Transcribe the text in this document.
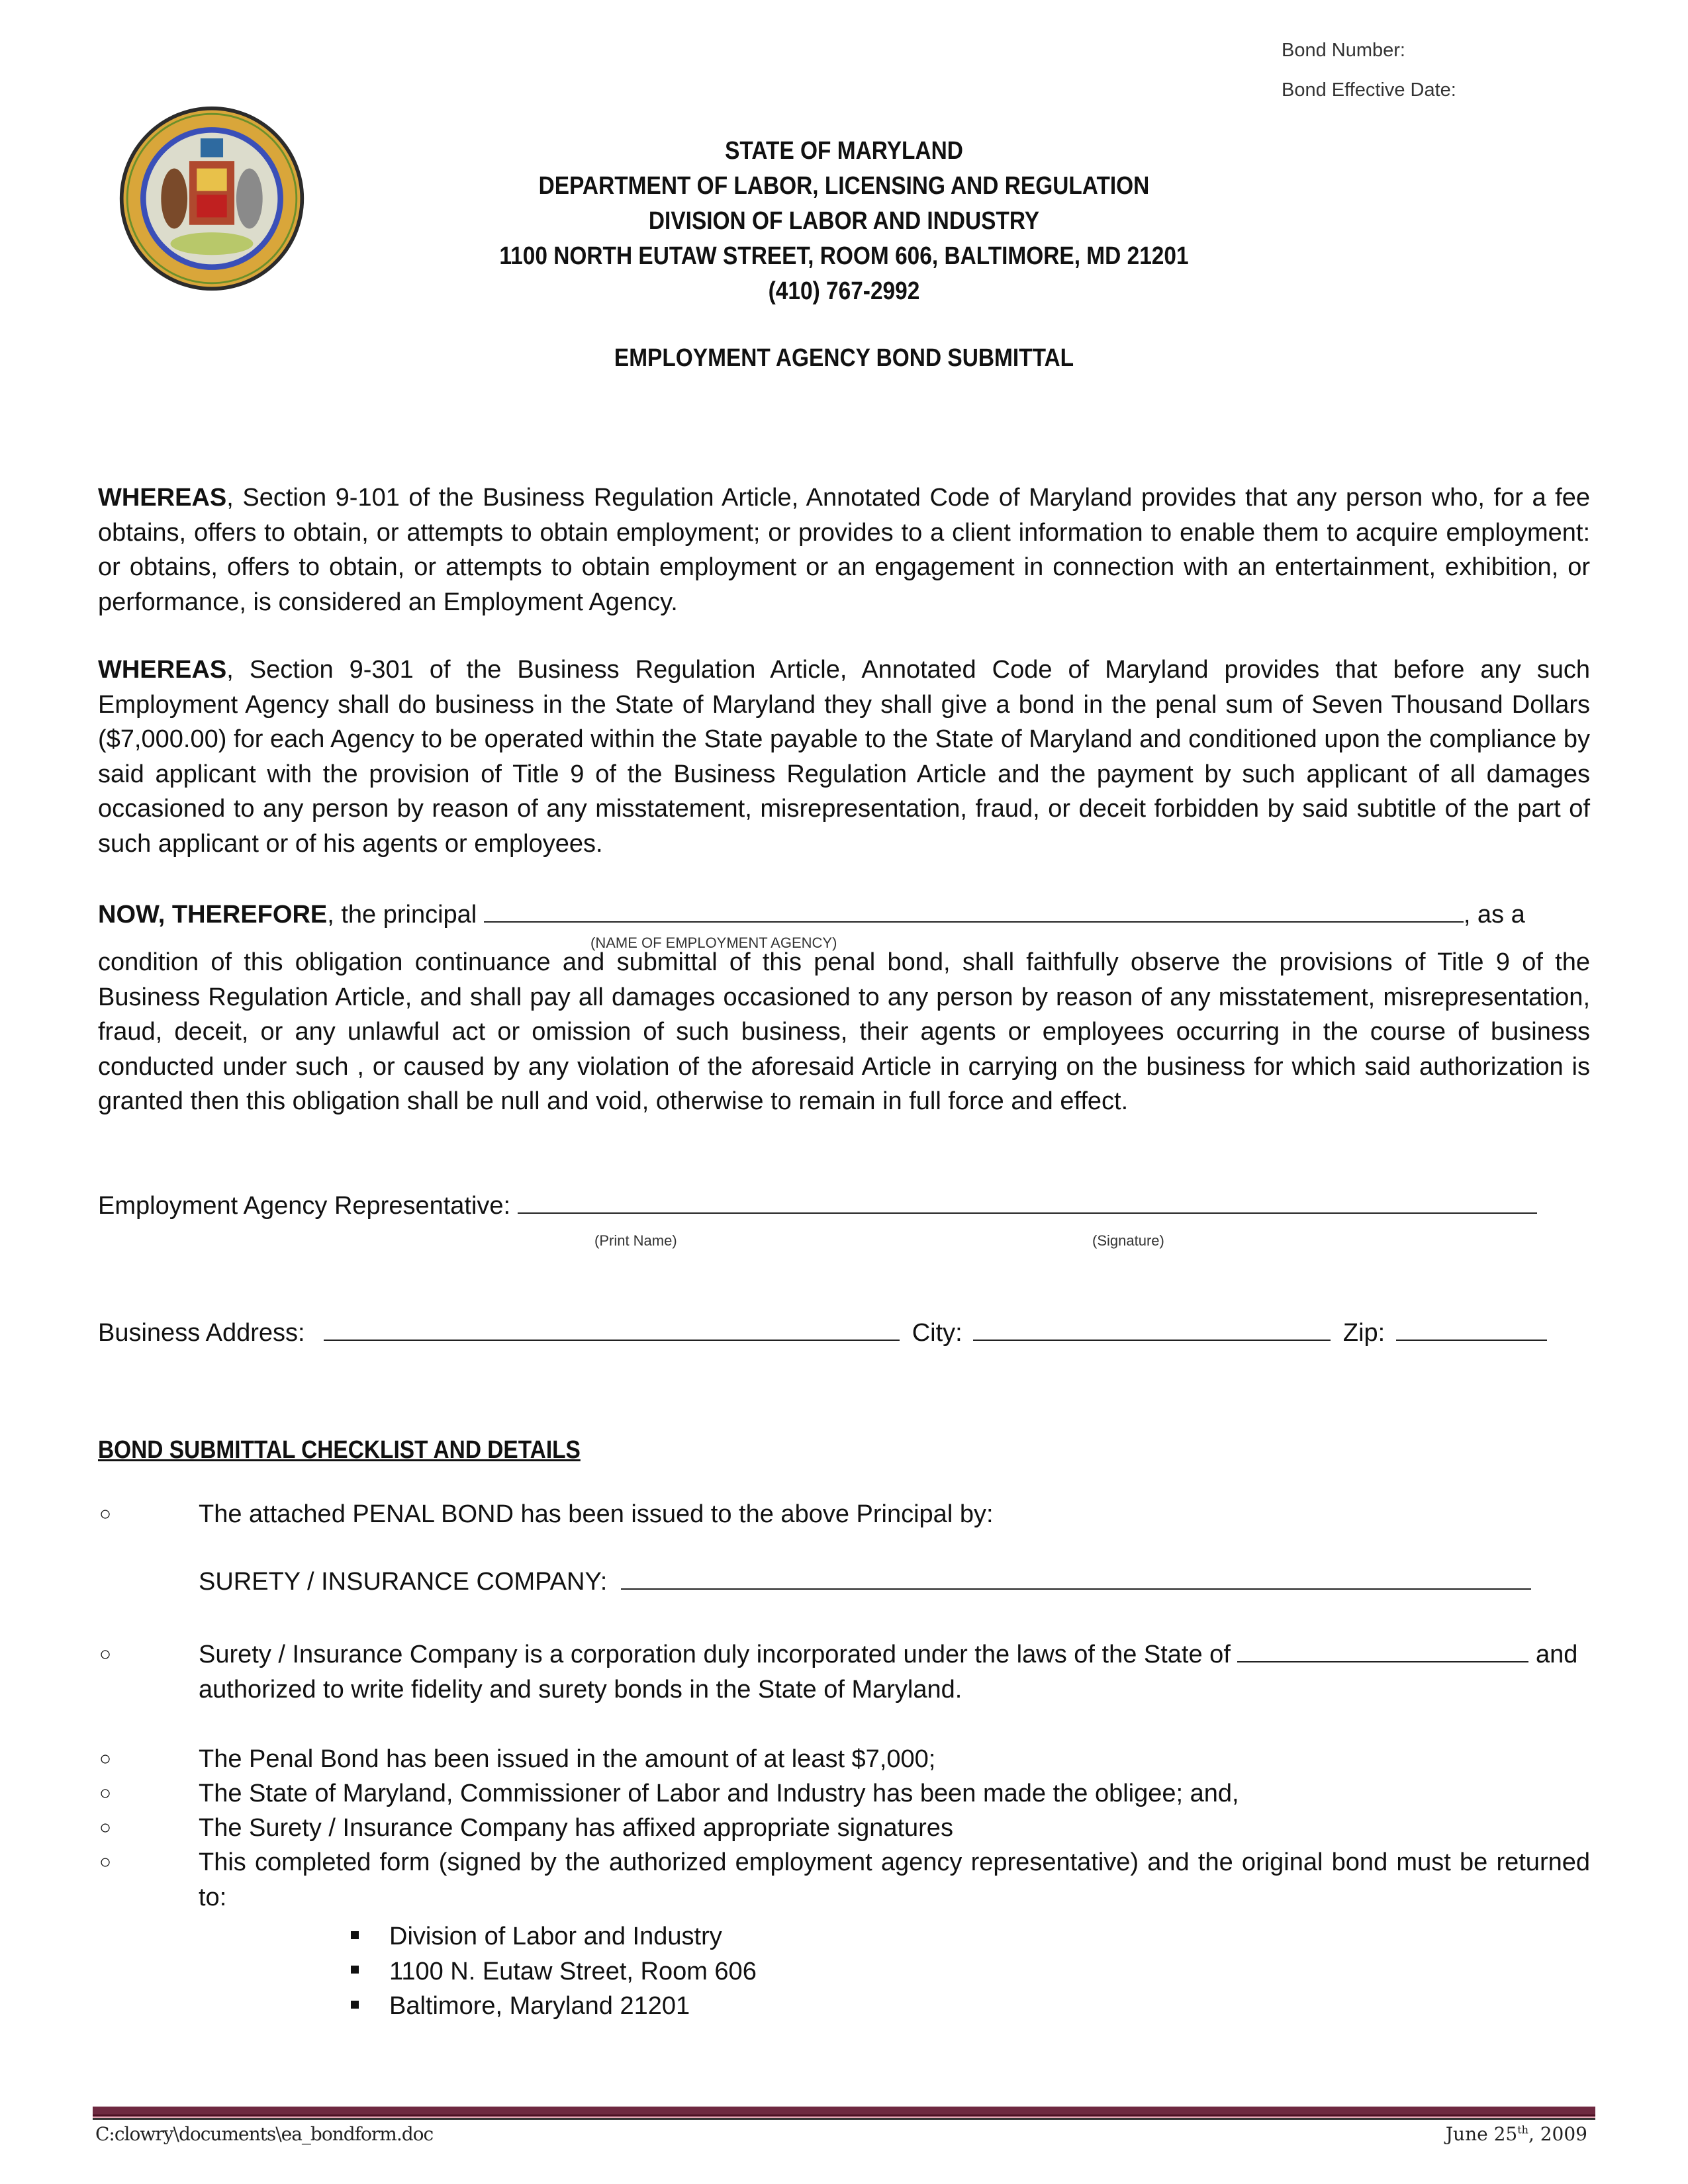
Bond Number:
Bond Effective Date:
STATE OF MARYLAND
DEPARTMENT OF LABOR, LICENSING AND REGULATION
DIVISION OF LABOR AND INDUSTRY
1100 NORTH EUTAW STREET, ROOM 606, BALTIMORE, MD 21201
(410) 767-2992
EMPLOYMENT AGENCY BOND SUBMITTAL
WHEREAS, Section 9-101 of the Business Regulation Article, Annotated Code of Maryland provides that any person who, for a fee obtains, offers to obtain, or attempts to obtain employment; or provides to a client information to enable them to acquire employment: or obtains, offers to obtain, or attempts to obtain employment or an engagement in connection with an entertainment, exhibition, or performance, is considered an Employment Agency.
WHEREAS, Section 9-301 of the Business Regulation Article, Annotated Code of Maryland provides that before any such Employment Agency shall do business in the State of Maryland they shall give a bond in the penal sum of Seven Thousand Dollars ($7,000.00) for each Agency to be operated within the State payable to the State of Maryland and conditioned upon the compliance by said applicant with the provision of Title 9 of the Business Regulation Article and the payment by such applicant of all damages occasioned to any person by reason of any misstatement, misrepresentation, fraud, or deceit forbidden by said subtitle of the part of such applicant or of his agents or employees.
NOW, THEREFORE, the principal	, as a
(NAME OF EMPLOYMENT AGENCY)
condition of this obligation continuance and submittal of this penal bond, shall faithfully observe the provisions of Title 9 of the Business Regulation Article, and shall pay all damages occasioned to any person by reason of any misstatement, misrepresentation, fraud, deceit, or any unlawful act or omission of such business, their agents or employees occurring in the course of business conducted under such , or caused by any violation of the aforesaid Article in carrying on the business for which said authorization is granted then this obligation shall be null and void, otherwise to remain in full force and effect.
Employment Agency Representative:
(Print Name)	(Signature)
Business Address:	City:	Zip:
BOND SUBMITTAL CHECKLIST AND DETAILS
○	The attached PENAL BOND has been issued to the above Principal by:
SURETY / INSURANCE COMPANY:
○	Surety / Insurance Company is a corporation duly incorporated under the laws of the State of	and authorized to write fidelity and surety bonds in the State of Maryland.
○	The Penal Bond has been issued in the amount of at least $7,000;
○	The State of Maryland, Commissioner of Labor and Industry has been made the obligee; and,
○	The Surety / Insurance Company has affixed appropriate signatures
○	This completed form (signed by the authorized employment agency representative) and the original bond must be returned to:
Division of Labor and Industry
1100 N. Eutaw Street, Room 606
Baltimore, Maryland 21201
C:clowry\documents\ea_bondform.doc	June 25th, 2009
